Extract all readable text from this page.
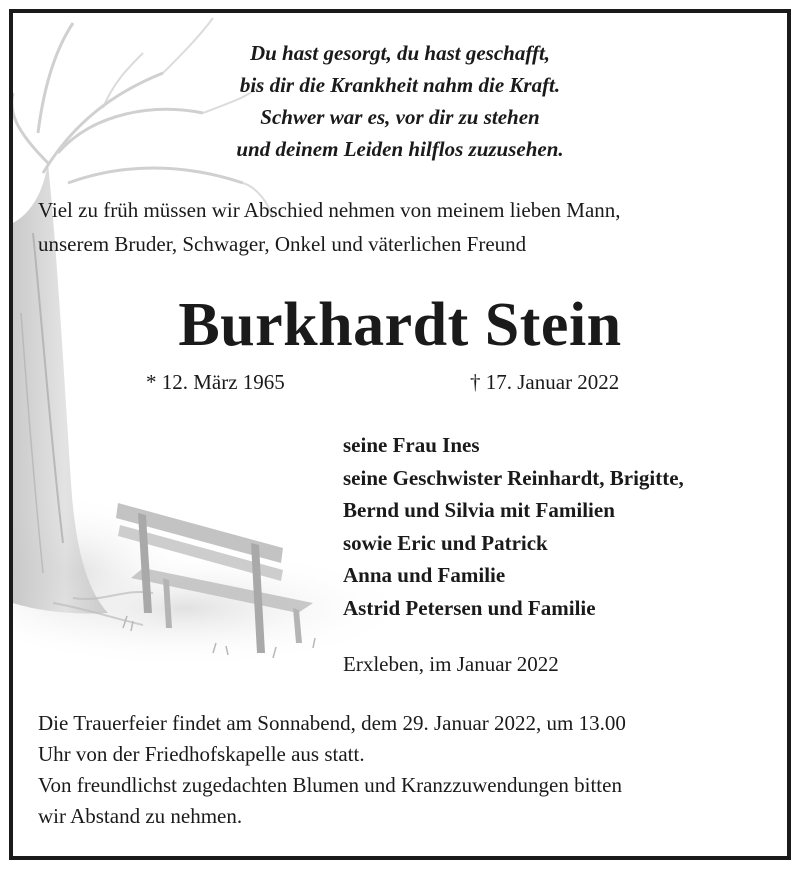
Du hast gesorgt, du hast geschafft,
bis dir die Krankheit nahm die Kraft.
Schwer war es, vor dir zu stehen
und deinem Leiden hilflos zuzusehen.
Viel zu früh müssen wir Abschied nehmen von meinem lieben Mann,
unserem Bruder, Schwager, Onkel und väterlichen Freund
Burkhardt Stein
* 12. März 1965	† 17. Januar 2022
seine Frau Ines
seine Geschwister Reinhardt, Brigitte,
Bernd und Silvia mit Familien
sowie Eric und Patrick
Anna und Familie
Astrid Petersen und Familie
Erxleben, im Januar 2022
Die Trauerfeier findet am Sonnabend, dem 29. Januar 2022, um 13.00
Uhr von der Friedhofskapelle aus statt.
Von freundlichst zugedachten Blumen und Kranzzuwendungen bitten
wir Abstand zu nehmen.
